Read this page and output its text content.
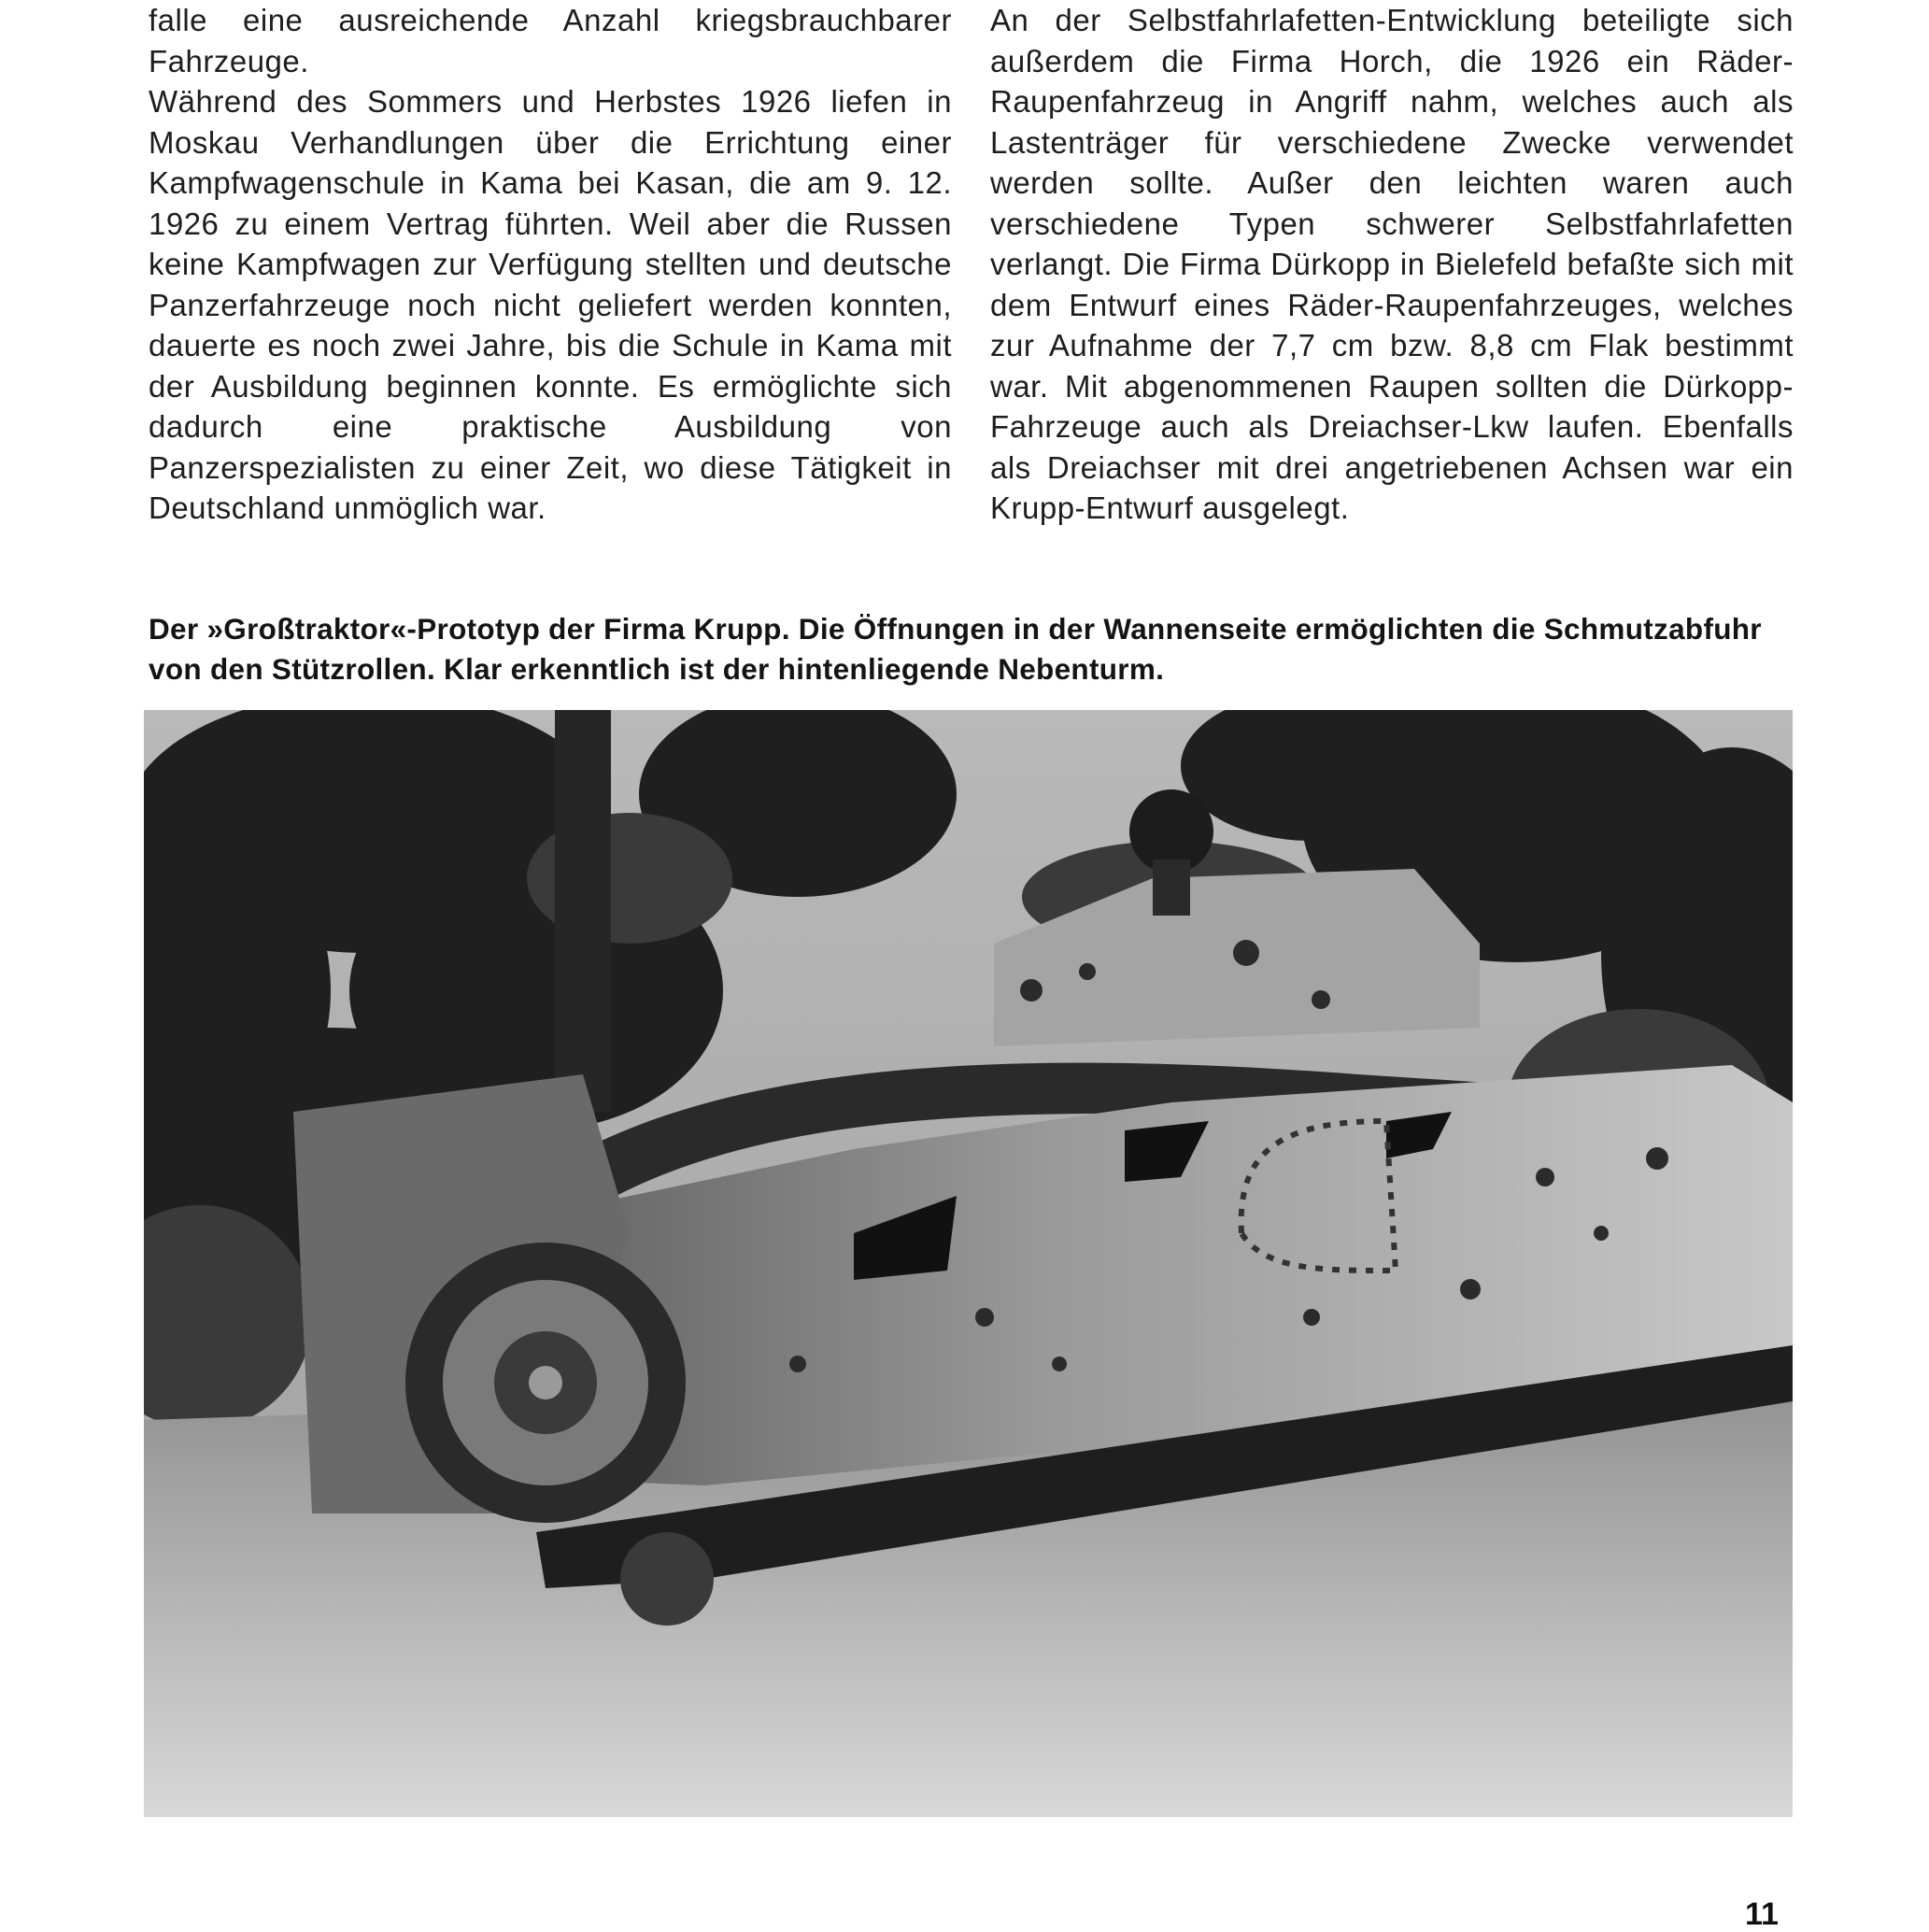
falle eine ausreichende Anzahl kriegsbrauchbarer Fahrzeuge.

Während des Sommers und Herbstes 1926 liefen in Moskau Verhandlungen über die Errichtung einer Kampfwagenschule in Kama bei Kasan, die am 9. 12. 1926 zu einem Vertrag führten. Weil aber die Russen keine Kampfwagen zur Verfügung stellten und deutsche Panzerfahrzeuge noch nicht geliefert werden konnten, dauerte es noch zwei Jahre, bis die Schule in Kama mit der Ausbildung beginnen konnte. Es ermöglichte sich dadurch eine praktische Ausbildung von Panzerspezialisten zu einer Zeit, wo diese Tätigkeit in Deutschland unmöglich war.

An der Selbstfahrlafetten-Entwicklung beteiligte sich außerdem die Firma Horch, die 1926 ein Räder-Raupenfahrzeug in Angriff nahm, welches auch als Lastenträger für verschiedene Zwecke verwendet werden sollte. Außer den leichten waren auch verschiedene Typen schwerer Selbstfahrlafetten verlangt. Die Firma Dürkopp in Bielefeld befaßte sich mit dem Entwurf eines Räder-Raupenfahrzeuges, welches zur Aufnahme der 7,7 cm bzw. 8,8 cm Flak bestimmt war. Mit abgenommenen Raupen sollten die Dürkopp-Fahrzeuge auch als Dreiachser-Lkw laufen. Ebenfalls als Dreiachser mit drei angetriebenen Achsen war ein Krupp-Entwurf ausgelegt.

Der »Großtraktor«-Prototyp der Firma Krupp. Die Öffnungen in der Wannenseite ermöglichten die Schmutzabfuhr von den Stützrollen. Klar erkenntlich ist der hintenliegende Nebenturm.
11
